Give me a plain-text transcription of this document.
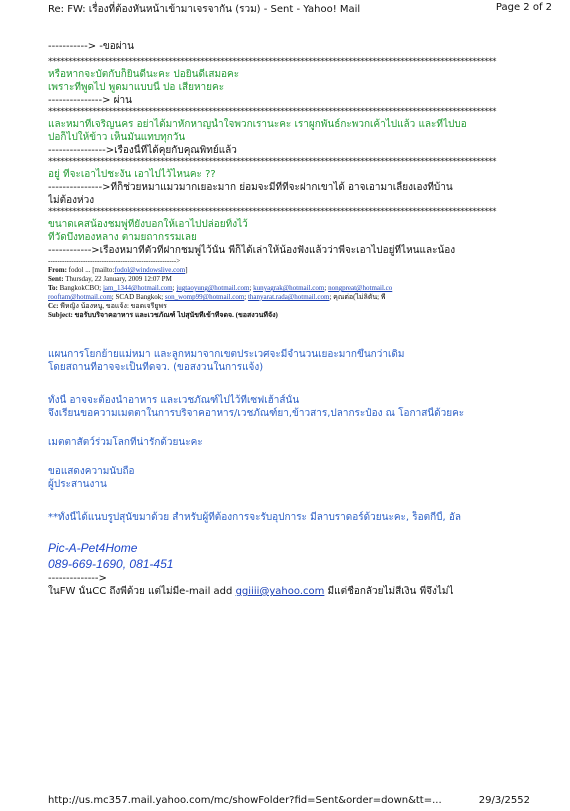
Re: FW: เรื่องที่ต้องหันหน้าเข้ามาเจรจากัน (รวม) - Sent - Yahoo! Mail	Page 2 of 2
-----------> -ขอผ่าน
****************************************************************************************************************
หรือหากจะบัตกับก็ยินดีนะคะ ปอยินดีเสมอคะ
เพราะที่พูดไป พูดมาแบบนี้ ปอ เสียหายคะ
---------------> ผ่าน
****************************************************************************************************************
และหมาที่เจริญนคร อย่าได้มาหักหาญน้ำใจพวกเรานะคะ เราผูกพันธ์กะพวกเค้าไปแล้ว และที่ไปบอ
ปอก็ไปให้ข้าว เห็นมันแทบทุกวัน
---------------->เรื่องนี้ที่ได้คุยกับคุณพิทย์แล้ว
****************************************************************************************************************
อยู่ ที่จะเอาไปชะงัน เอาไปไว้ไหนคะ ??
--------------->ที่ก็ช่วยหมาแมวมากเยอะมาก ย่อมจะมีที่ที่จะฝากเขาได้ อาจเอามาเลี้ยงเองที่บ้าน
ไม่ต้องห่วง
****************************************************************************************************************
ขนาดเคสน้องชมพู่ที่ยังบอกให้เอาไปปล่อยทิ้งไว้
ที่วัดบึงทองหลาง ตามยถากรรมเลย
------------>เรื่องหมาที่ตัวที่ฝากชมพู่ไว้นั้น พี่ก็ได้เล่าให้น้องฟังแล้วว่าพี่จะเอาไปอยู่ที่ไหนและน้อง
------------------------------------------------------->
From: fodol ... [mailto:fodol@windowslive.com]
Sent: Thursday, 22 January, 2009 12:07 PM
To: BangkokCBO; jam_1344@hotmail.com; jugtaoyung@hotmail.com; kunyagrak@hotmail.com; nongpreat@hotmail.co
rooftam@hotmail.com; SCAD Bangkok; son_womp99@hotmail.com; thanyarat.rada@hotmail.com; คุณต่อ(ไม่ลิตัน; พี่
Cc: พี่หญิง น้องหนู, ขอแจ้ง: ขอดเจรียูพร
Subject: ขอรับบริจาคอาหาร และเวชภัณฑ์ ไปสุนัขที่เข้าที่จดจ. (ขอสงวนที่จัง)
แผนการโยกย้ายแม่หมา และลูกหมาจากเขตประเวศจะมีจำนวนเยอะมากขึ้นกว่าเดิม
โดยสถานที่อาจจะเป็นที่ดจว. (ขอสงวนในการแจ้ง)
ทั้งนี้ อาจจะต้องนำอาหาร และเวชภัณฑ์ไปไว้ที่เซฟเฮ้าส์นั้น
จึงเรียนขอความเมตตาในการบริจาคอาหาร/เวชภัณฑ์ยา,ข้าวสาร,ปลากระป๋อง ณ โอกาสนี้ด้วยคะ
เมตตาสัตว์ร่วมโลกที่น่ารักด้วยนะคะ
ขอแสดงความนับถือ
ผู้ประสานงาน
**ทั้งนี้ได้แนบรูปสุนัขมาด้วย สำหรับผู้ที่ต้องการจะรับอุปการะ มีลาบราดอร์ด้วยนะคะ, ร็อตกีบี้, อัล
Pic-A-Pet4Home
089-669-1690, 081-451
-------------->
ในFW นั้นCC ถึงพี่ด้วย แต่ไม่มีe-mail add ggiiii@yahoo.com มีแต่ชื่อกลัวยไม่สีเงิน พี่จึงไม่ไ
http://us.mc357.mail.yahoo.com/mc/showFolder?fid=Sent&order=down&tt=...	29/3/2552
